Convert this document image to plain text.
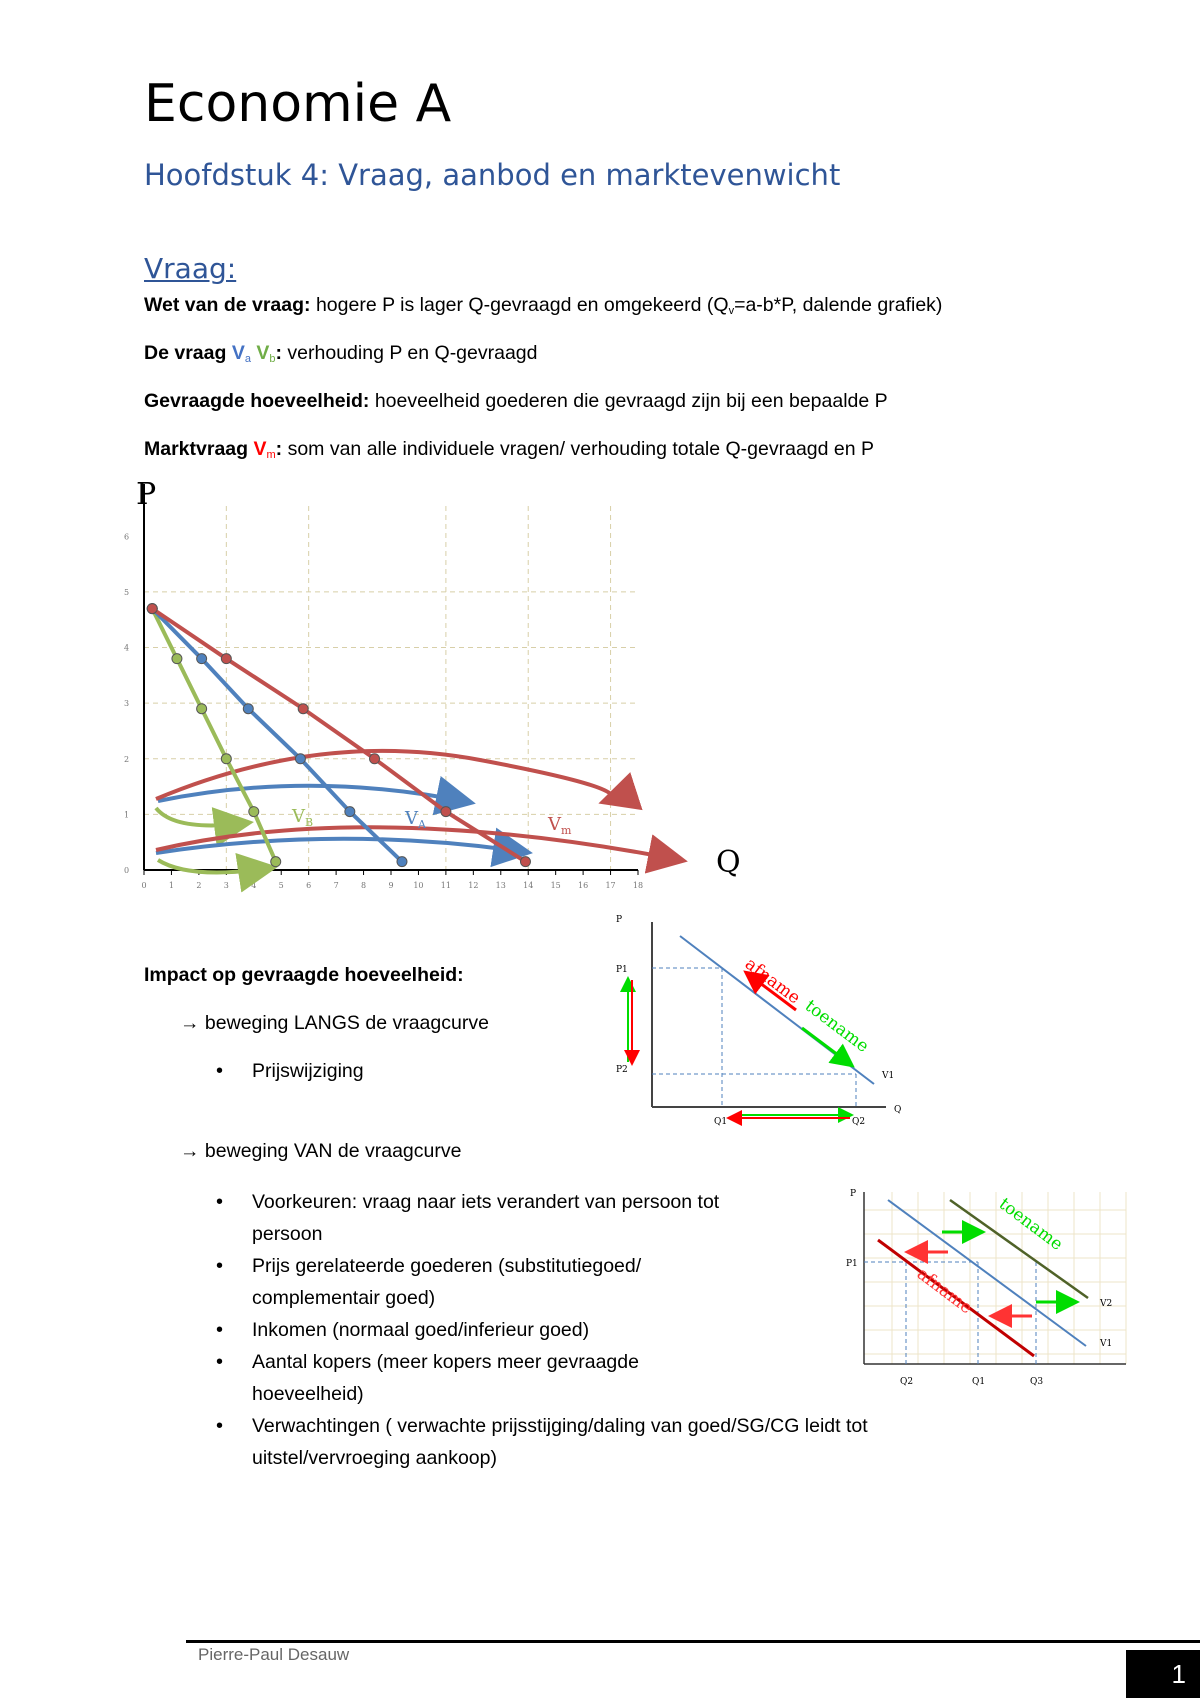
Economie A
Hoofdstuk 4: Vraag, aanbod en marktevenwicht
Vraag:
Wet van de vraag: hogere P is lager Q-gevraagd en omgekeerd ($Q_v=a-b*P$, dalende grafiek)
De vraag $V_a$ $V_b$: verhouding P en Q-gevraagd
Gevraagde hoeveelheid: hoeveelheid goederen die gevraagd zijn bij een bepaalde P
Marktvraag $V_m$: som van alle individuele vragen/ verhouding totale Q-gevraagd en P
0	1	2	3	4	5	6	7	8	9 10 11 12 13 14 15 16 17 18
0
1
2
3
4
5
6
P
Q
$V_B$	$V_A$	$V_m$
Impact op gevraagde hoeveelheid:
→ beweging LANGS de vraagcurve
• Prijswijziging
afname
toename
P
P1
P2
Q1	Q2
Q
V1
→ beweging VAN de vraagcurve
• Voorkeuren: vraag naar iets verandert van persoon tot
persoon
• Prijs gerelateerde goederen (substitutiegoed/
complementair goed)
• Inkomen (normaal goed/inferieur goed)
• Aantal kopers (meer kopers meer gevraagde
hoeveelheid)
• Verwachtingen ( verwachte prijsstijging/daling van goed/SG/CG leidt tot
uitstel/vervroeging aankoop)
toename
afname
P
P1
Q2	Q1	Q3
V2
V1
Pierre-Paul Desauw
1
